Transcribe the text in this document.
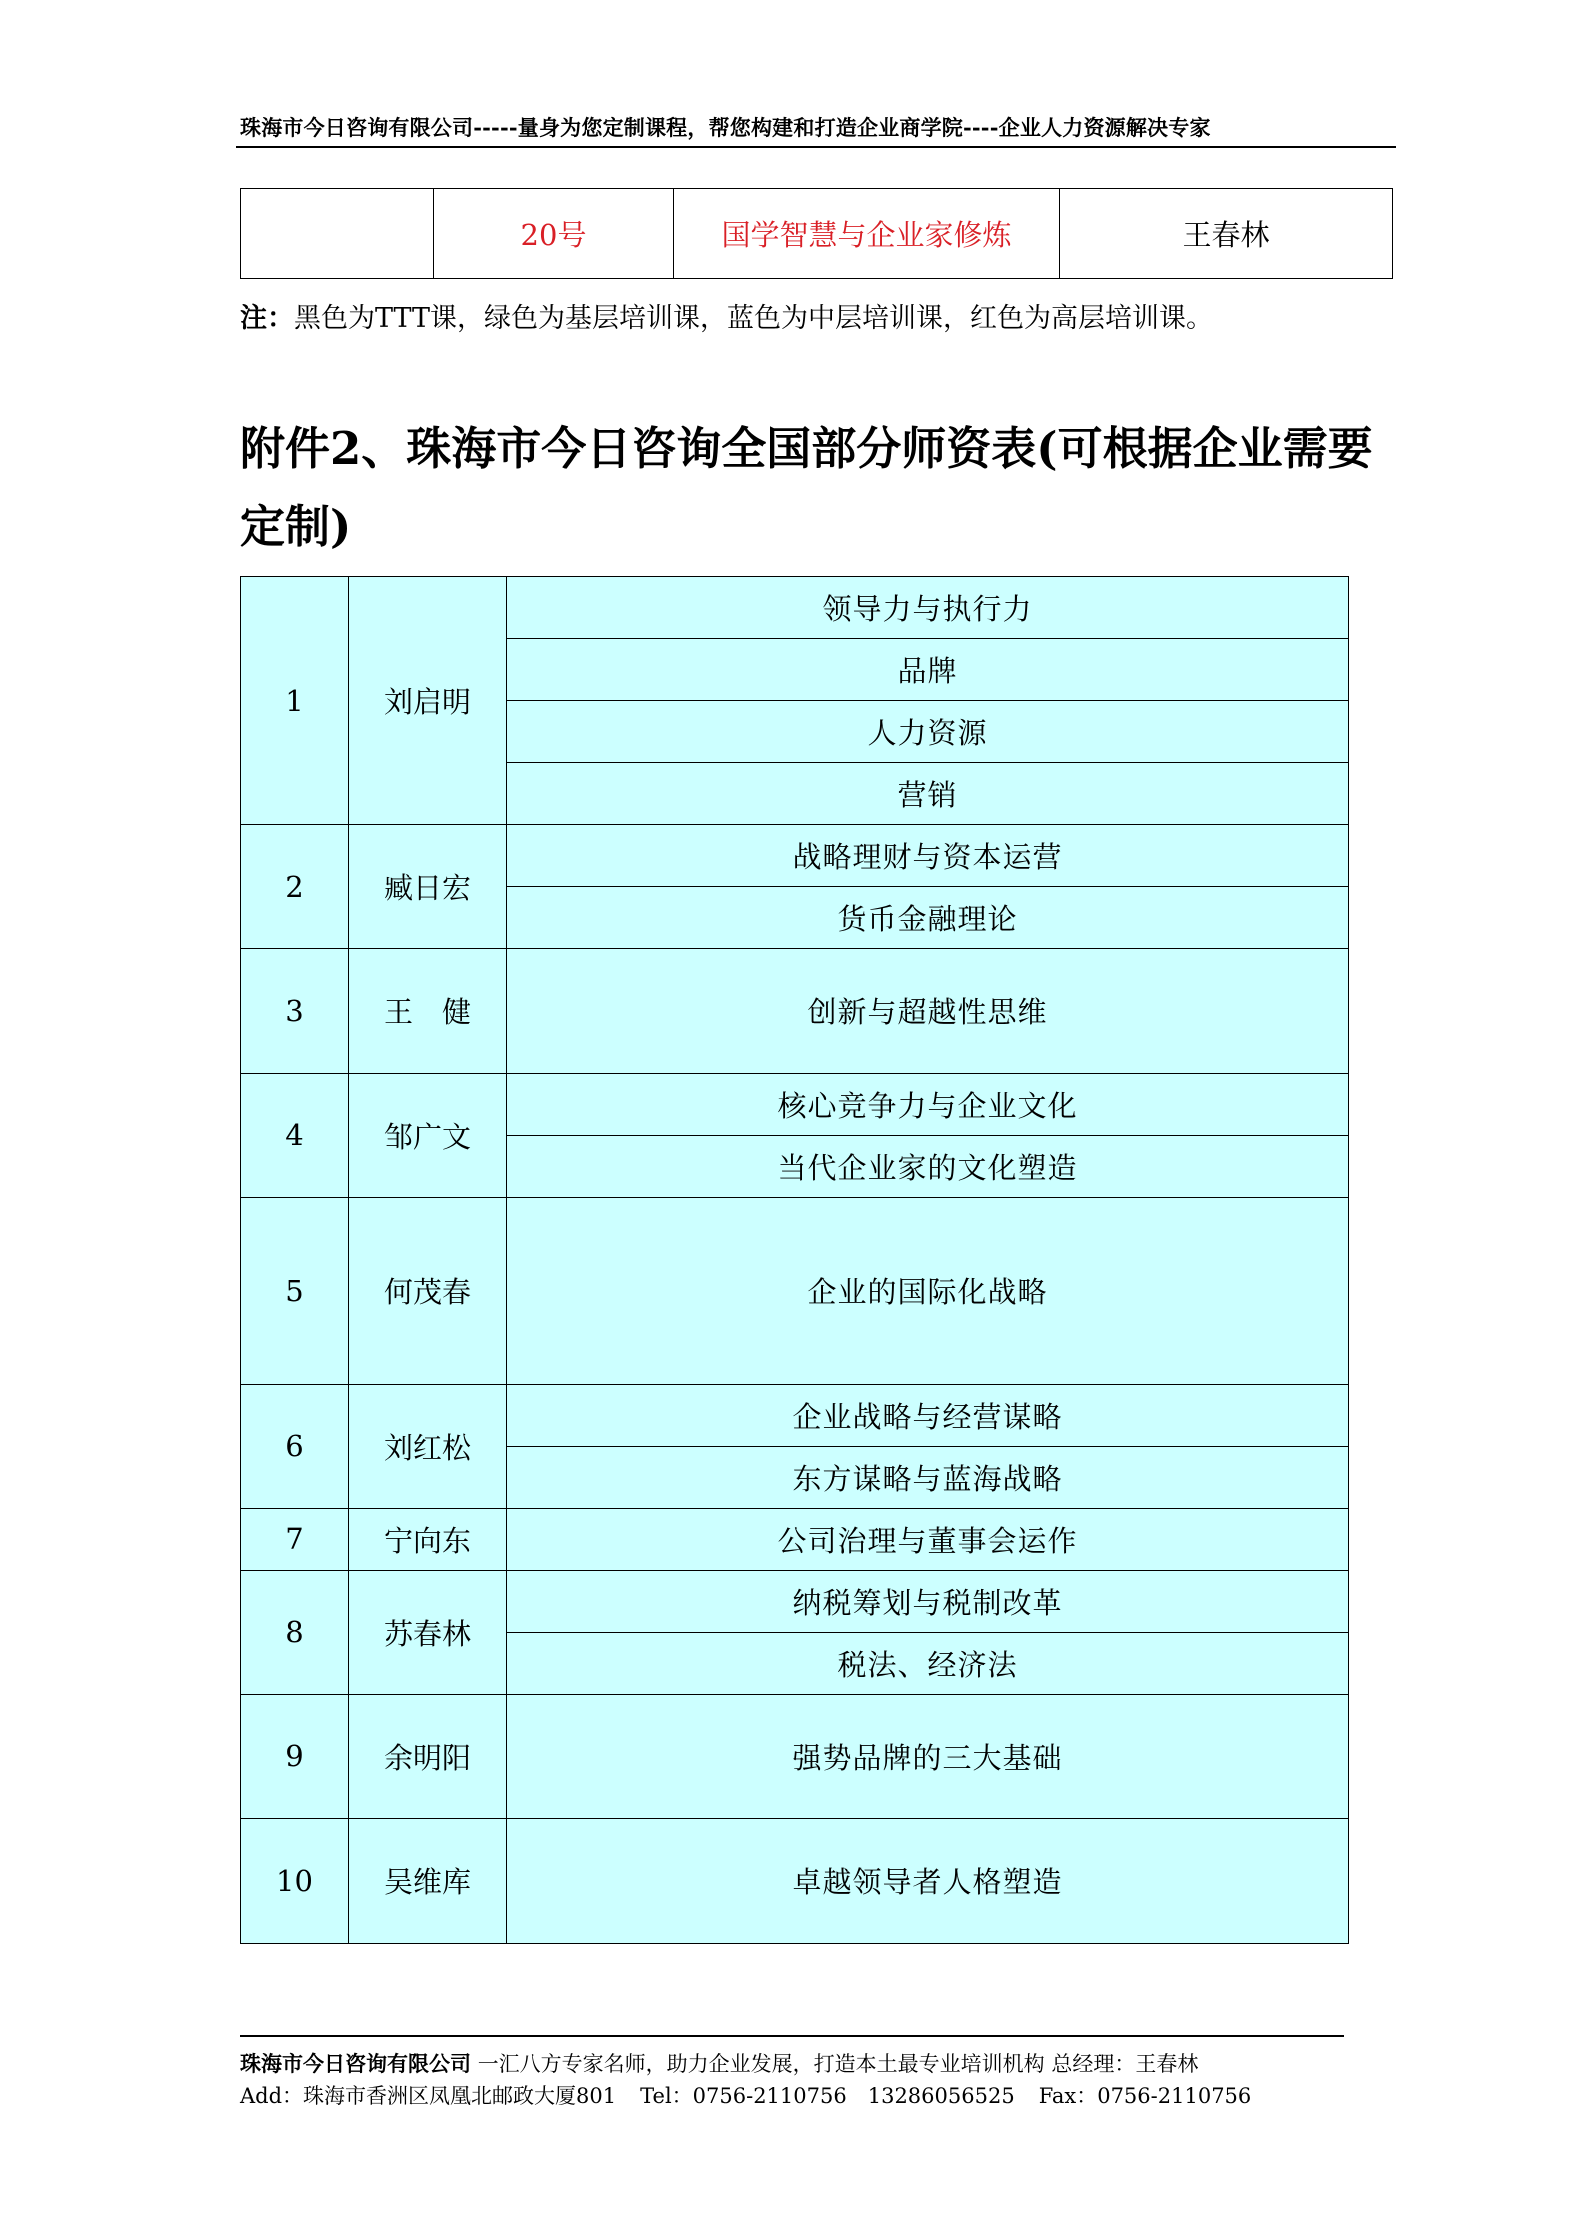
珠海市今日咨询有限公司-----量身为您定制课程，帮您构建和打造企业商学院----企业人力资源解决专家
	20号	国学智慧与企业家修炼	王春林
注：黑色为TTT课，绿色为基层培训课，蓝色为中层培训课，红色为高层培训课。
附件2、珠海市今日咨询全国部分师资表(可根据企业需要定制)
1	刘启明	领导力与执行力
		品牌
		人力资源
		营销
2	臧日宏	战略理财与资本运营
		货币金融理论
3	王　健	创新与超越性思维
4	邹广文	核心竞争力与企业文化
		当代企业家的文化塑造
5	何茂春	企业的国际化战略
6	刘红松	企业战略与经营谋略
		东方谋略与蓝海战略
7	宁向东	公司治理与董事会运作
8	苏春林	纳税筹划与税制改革
		税法、经济法
9	余明阳	强势品牌的三大基础
10	吴维库	卓越领导者人格塑造
珠海市今日咨询有限公司 一汇八方专家名师，助力企业发展，打造本土最专业培训机构 总经理：王春林
Add：珠海市香洲区凤凰北邮政大厦801 Tel：0756-2110756　13286056525 Fax：0756-2110756
